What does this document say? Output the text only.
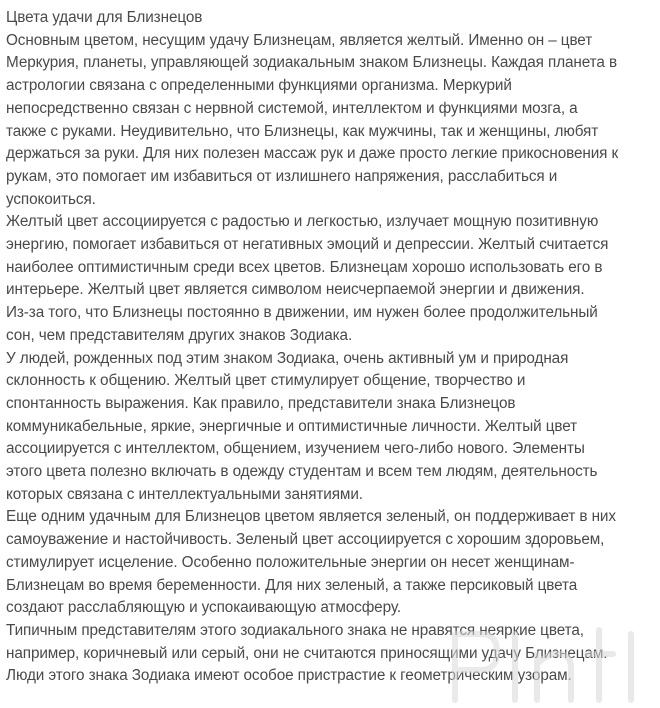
Цвета удачи для Близнецов
Основным цветом, несущим удачу Близнецам, является желтый. Именно он – цвет
Меркурия, планеты, управляющей зодиакальным знаком Близнецы. Каждая планета в
астрологии связана с определенными функциями организма. Меркурий
непосредственно связан с нервной системой, интеллектом и функциями мозга, а
также с руками. Неудивительно, что Близнецы, как мужчины, так и женщины, любят
держаться за руки. Для них полезен массаж рук и даже просто легкие прикосновения к
рукам, это помогает им избавиться от излишнего напряжения, расслабиться и
успокоиться.
Желтый цвет ассоциируется с радостью и легкостью, излучает мощную позитивную
энергию, помогает избавиться от негативных эмоций и депрессии. Желтый считается
наиболее оптимистичным среди всех цветов. Близнецам хорошо использовать его в
интерьере. Желтый цвет является символом неисчерпаемой энергии и движения.
Из-за того, что Близнецы постоянно в движении, им нужен более продолжительный
сон, чем представителям других знаков Зодиака.
У людей, рожденных под этим знаком Зодиака, очень активный ум и природная
склонность к общению. Желтый цвет стимулирует общение, творчество и
спонтанность выражения. Как правило, представители знака Близнецов
коммуникабельные, яркие, энергичные и оптимистичные личности. Желтый цвет
ассоциируется с интеллектом, общением, изучением чего-либо нового. Элементы
этого цвета полезно включать в одежду студентам и всем тем людям, деятельность
которых связана с интеллектуальными занятиями.
Еще одним удачным для Близнецов цветом является зеленый, он поддерживает в них
самоуважение и настойчивость. Зеленый цвет ассоциируется с хорошим здоровьем,
стимулирует исцеление. Особенно положительные энергии он несет женщинам-
Близнецам во время беременности. Для них зеленый, а также персиковый цвета
создают расслабляющую и успокаивающую атмосферу.
Типичным представителям этого зодиакального знака не нравятся неяркие цвета,
например, коричневый или серый, они не считаются приносящими удачу Близнецам.
Люди этого знака Зодиака имеют особое пристрастие к геометрическим узорам.
